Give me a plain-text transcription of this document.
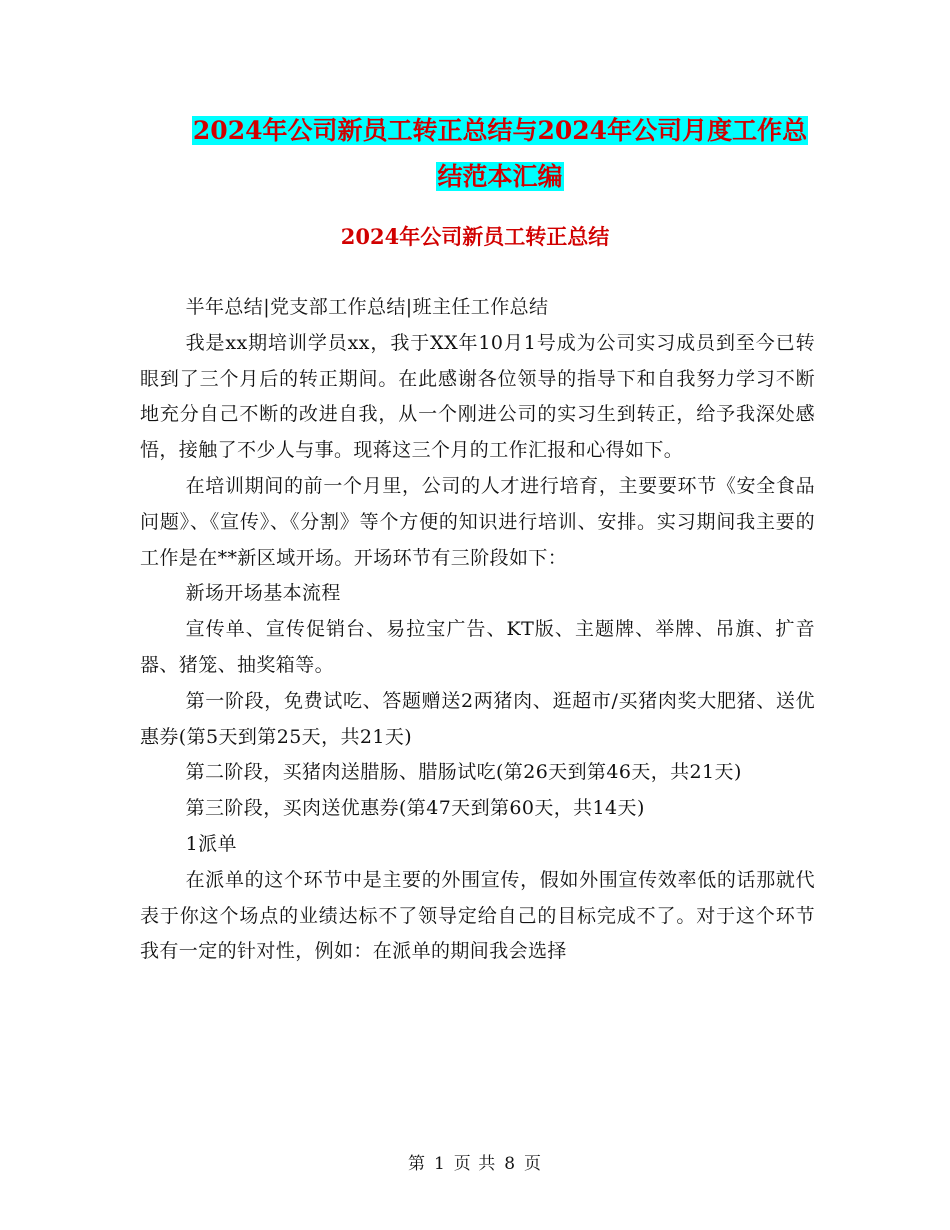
2024年公司新员工转正总结与2024年公司月度工作总
结范本汇编
2024年公司新员工转正总结

半年总结|党支部工作总结|班主任工作总结

我是xx期培训学员xx，我于XX年10月1号成为公司实习成员到至今已转眼到了三个月后的转正期间。在此感谢各位领导的指导下和自我努力学习不断地充分自己不断的改进自我，从一个刚进公司的实习生到转正，给予我深处感悟，接触了不少人与事。现蒋这三个月的工作汇报和心得如下。

在培训期间的前一个月里，公司的人才进行培育，主要要环节《安全食品问题》、《宣传》、《分割》等个方便的知识进行培训、安排。实习期间我主要的工作是在**新区域开场。开场环节有三阶段如下：

新场开场基本流程

宣传单、宣传促销台、易拉宝广告、KT版、主题牌、举牌、吊旗、扩音器、猪笼、抽奖箱等。

第一阶段，免费试吃、答题赠送2两猪肉、逛超市/买猪肉奖大肥猪、送优惠券(第5天到第25天，共21天)

第二阶段，买猪肉送腊肠、腊肠试吃(第26天到第46天，共21天)

第三阶段，买肉送优惠券(第47天到第60天，共14天)

1派单

在派单的这个环节中是主要的外围宣传，假如外围宣传效率低的话那就代表于你这个场点的业绩达标不了领导定给自己的目标完成不了。对于这个环节我有一定的针对性，例如：在派单的期间我会选择

第 1 页 共 8 页
